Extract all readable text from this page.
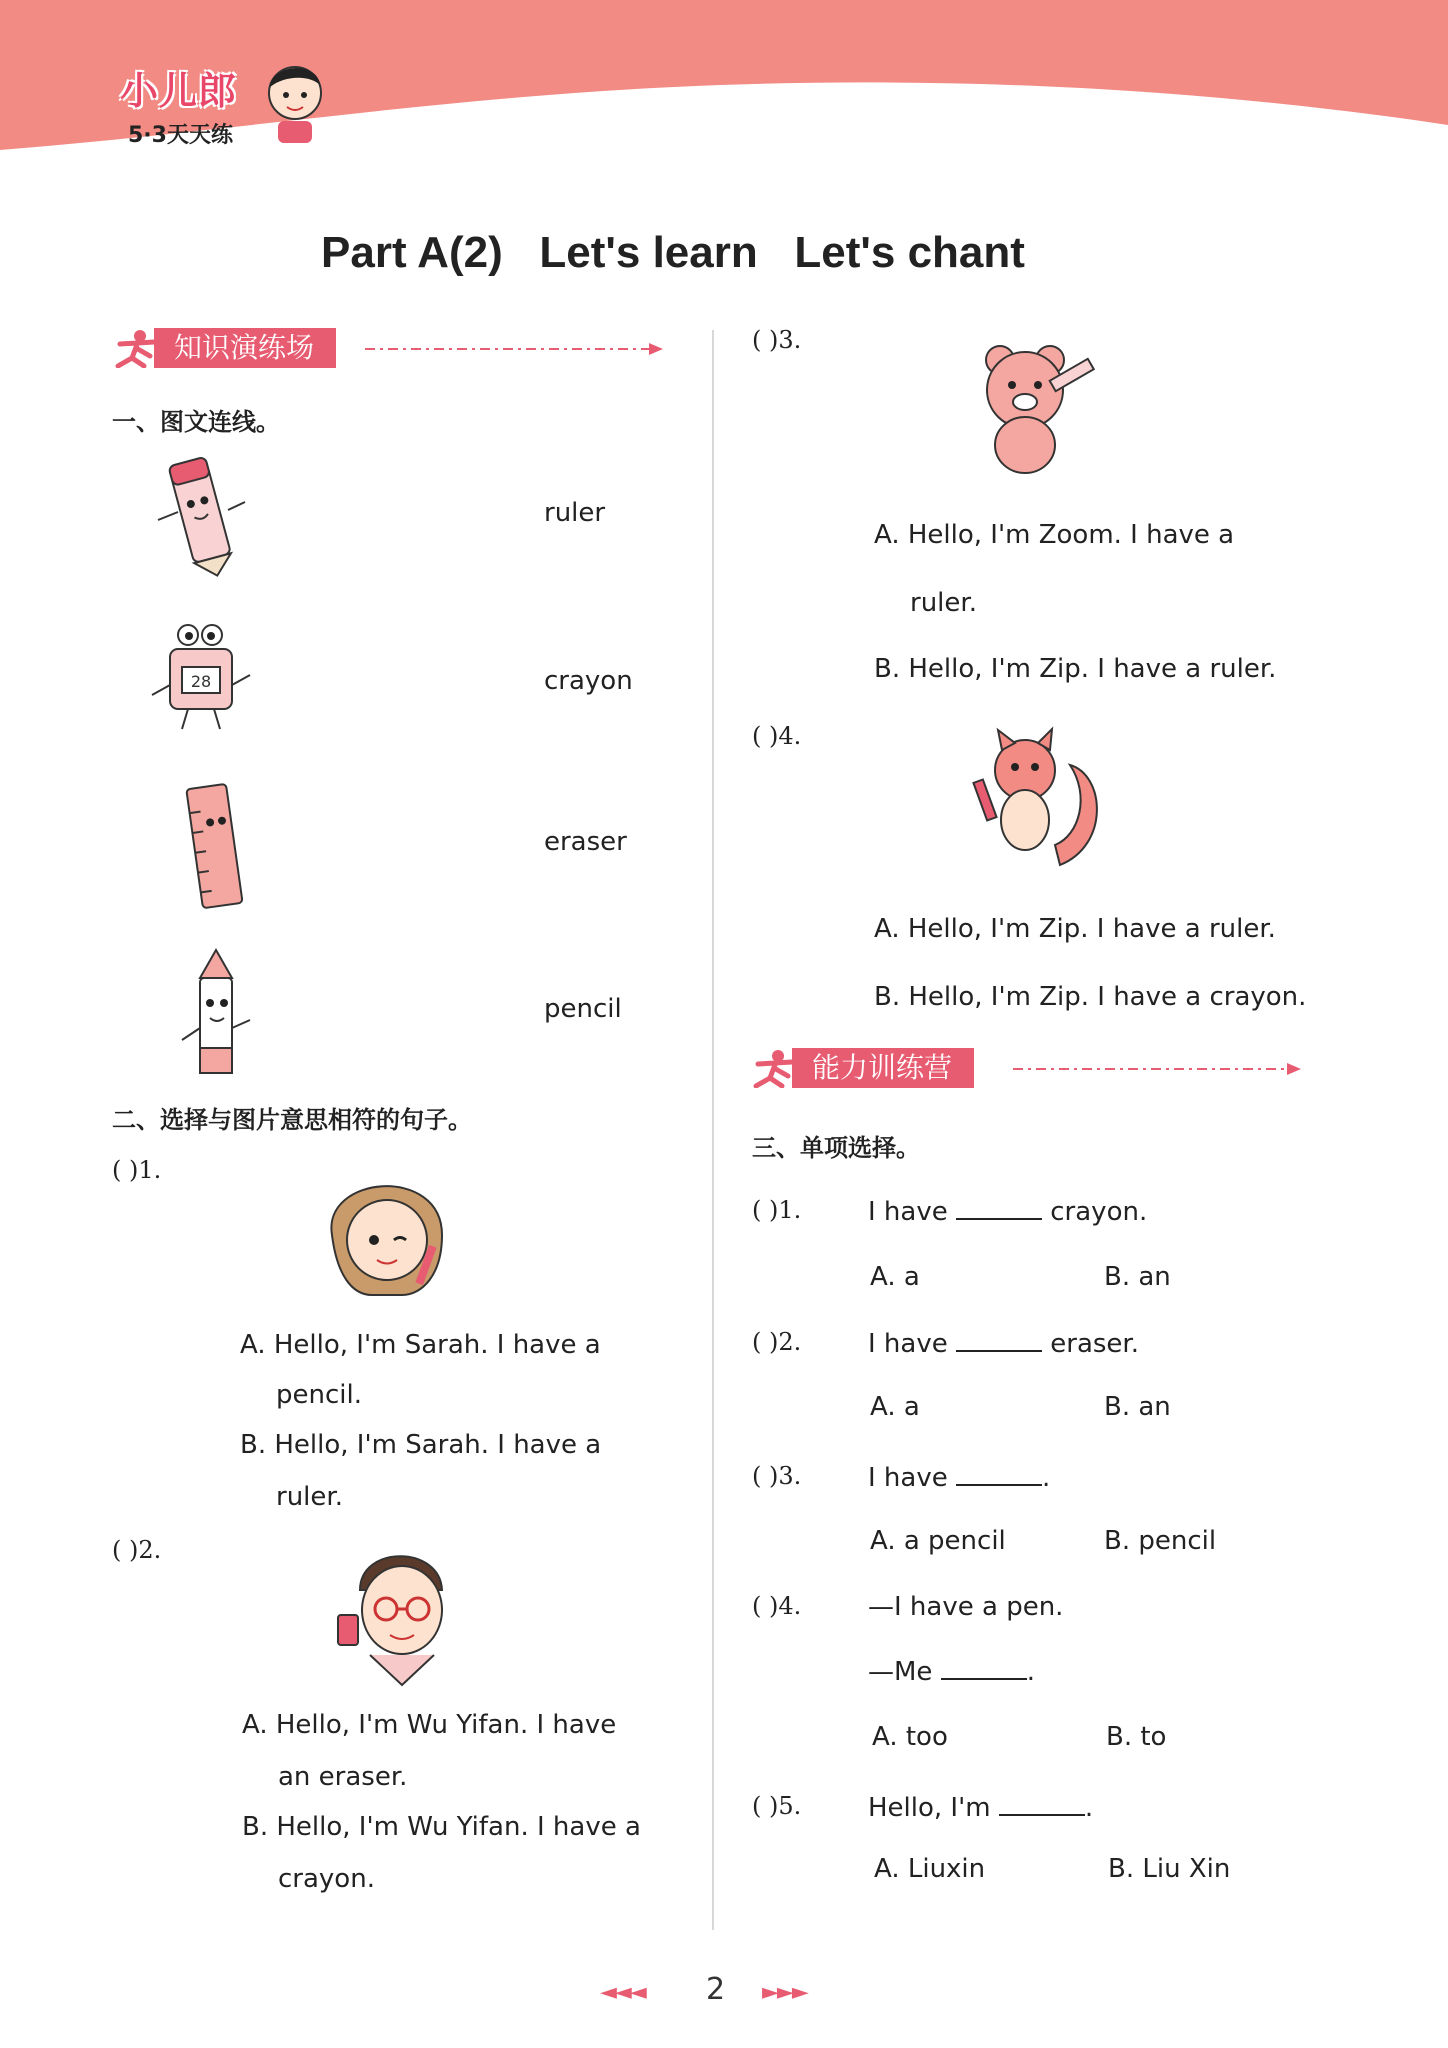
小儿郎
5·3天天练
Part A(2)   Let's learn   Let's chant
知识演练场
一、图文连线。
ruler
28	crayon
eraser
pencil
二、选择与图片意思相符的句子。
( )1.
A. Hello, I'm Sarah. I have a
pencil.
B. Hello, I'm Sarah. I have a
ruler.
( )2.
A. Hello, I'm Wu Yifan. I have
an eraser.
B. Hello, I'm Wu Yifan. I have a
crayon.
( )3.
A. Hello, I'm Zoom. I have a
ruler.
B. Hello, I'm Zip. I have a ruler.
( )4.
A. Hello, I'm Zip. I have a ruler.
B. Hello, I'm Zip. I have a crayon.
能力训练营
三、单项选择。
( )1.	I have	crayon.
A. a	B. an
( )2.	I have	eraser.
A. a	B. an
( )3.	I have	.
A. a pencil	B. pencil
( )4.	—I have a pen.
—Me	.
A. too	B. to
( )5.	Hello, I'm	.
A. Liuxin	B. Liu Xin
◄◄◄ 2 ►►►
